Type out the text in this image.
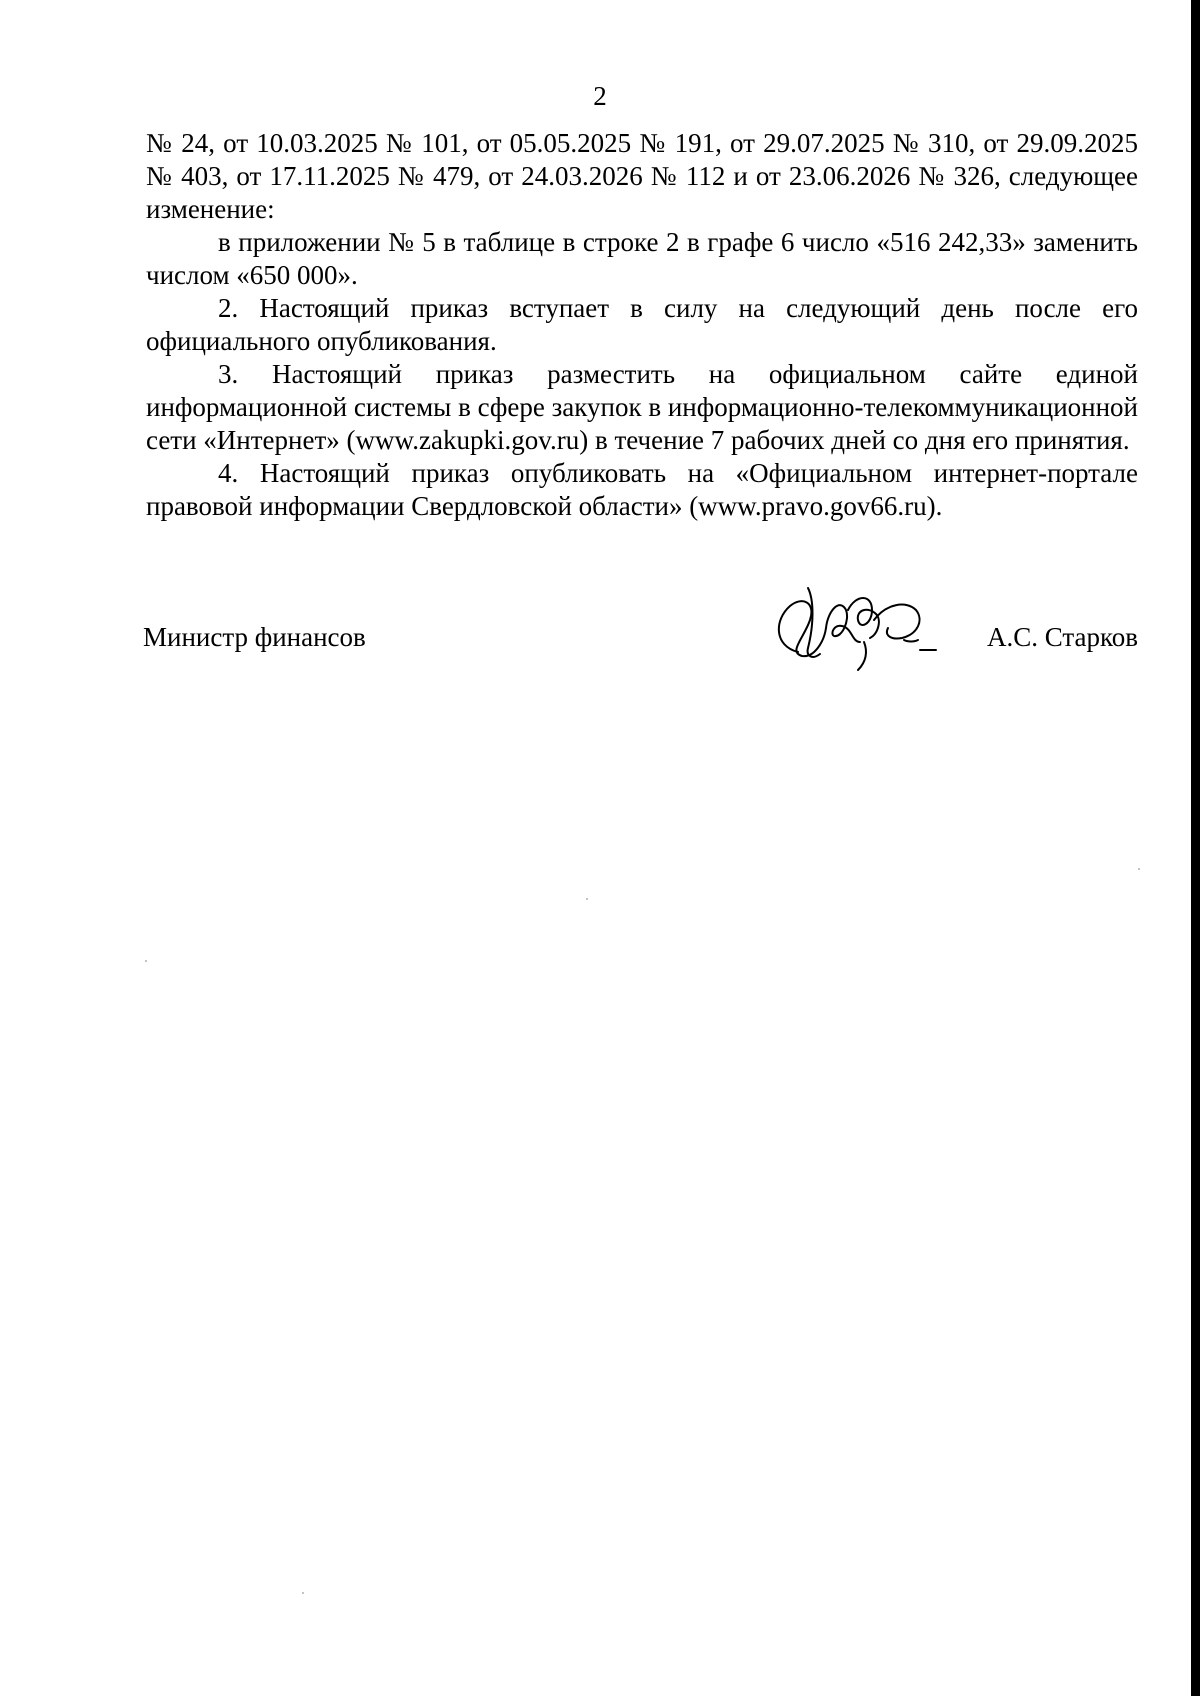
2

№ 24, от 10.03.2025 № 101, от 05.05.2025 № 191, от 29.07.2025 № 310, от 29.09.2025 № 403, от 17.11.2025 № 479, от 24.03.2026 № 112 и от 23.06.2026 № 326, следующее изменение:

в приложении № 5 в таблице в строке 2 в графе 6 число «516 242,33» заменить числом «650 000».

2. Настоящий приказ вступает в силу на следующий день после его официального опубликования.

3. Настоящий приказ разместить на официальном сайте единой информационной системы в сфере закупок в информационно-телекоммуникационной сети «Интернет» (www.zakupki.gov.ru) в течение 7 рабочих дней со дня его принятия.

4. Настоящий приказ опубликовать на «Официальном интернет-портале правовой информации Свердловской области» (www.pravo.gov66.ru).

Министр финансов	А.С. Старков
